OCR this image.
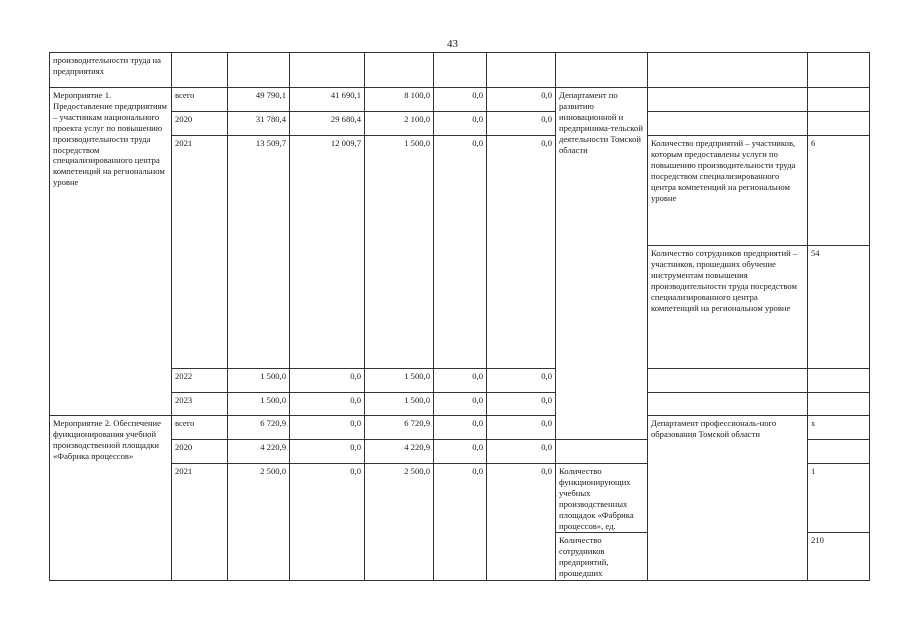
43
производительности труда на предприятиях										
Мероприятие 1. Предоставление предприятиям – участникам национального проекта услуг по повышению производительности труда посредством специализированного центра компетенций на региональном уровне	всего	49 790,1	41 690,1	8 100,0	0,0	0,0	Департамент по развитию инновационной и предпринима-тельской деятельности Томской области			
	2020	31 780,4	29 680,4	2 100,0	0,0	0,0				
	2021	13 509,7	12 009,7	1 500,0	0,0	0,0		Количество предприятий – участников, которым предоставлены услуги по повышению производительности труда посредством специализированного центра компетенций на региональном уровне	6	
								Количество сотрудников предприятий – участников, прошедших обучение инструментам повышения производительности труда посредством специализированного центра компетенций на региональном уровне	54	
	2022	1 500,0	0,0	1 500,0	0,0	0,0				
	2023	1 500,0	0,0	1 500,0	0,0	0,0				
Мероприятие 2. Обеспечение функционирования учебной производственной площадки «Фабрика процессов»	всего	6 720,9	0,0	6 720,9	0,0	0,0		Департамент профессиональ-ного образования Томской области	x	
	2020	4 220,9	0,0	4 220,9	0,0	0,0				
	2021	2 500,0	0,0	2 500,0	0,0	0,0	Количество функционирующих учебных производственных площадок «Фабрика процессов», ед.		1	
							Количество сотрудников предприятий, прошедших		210	
